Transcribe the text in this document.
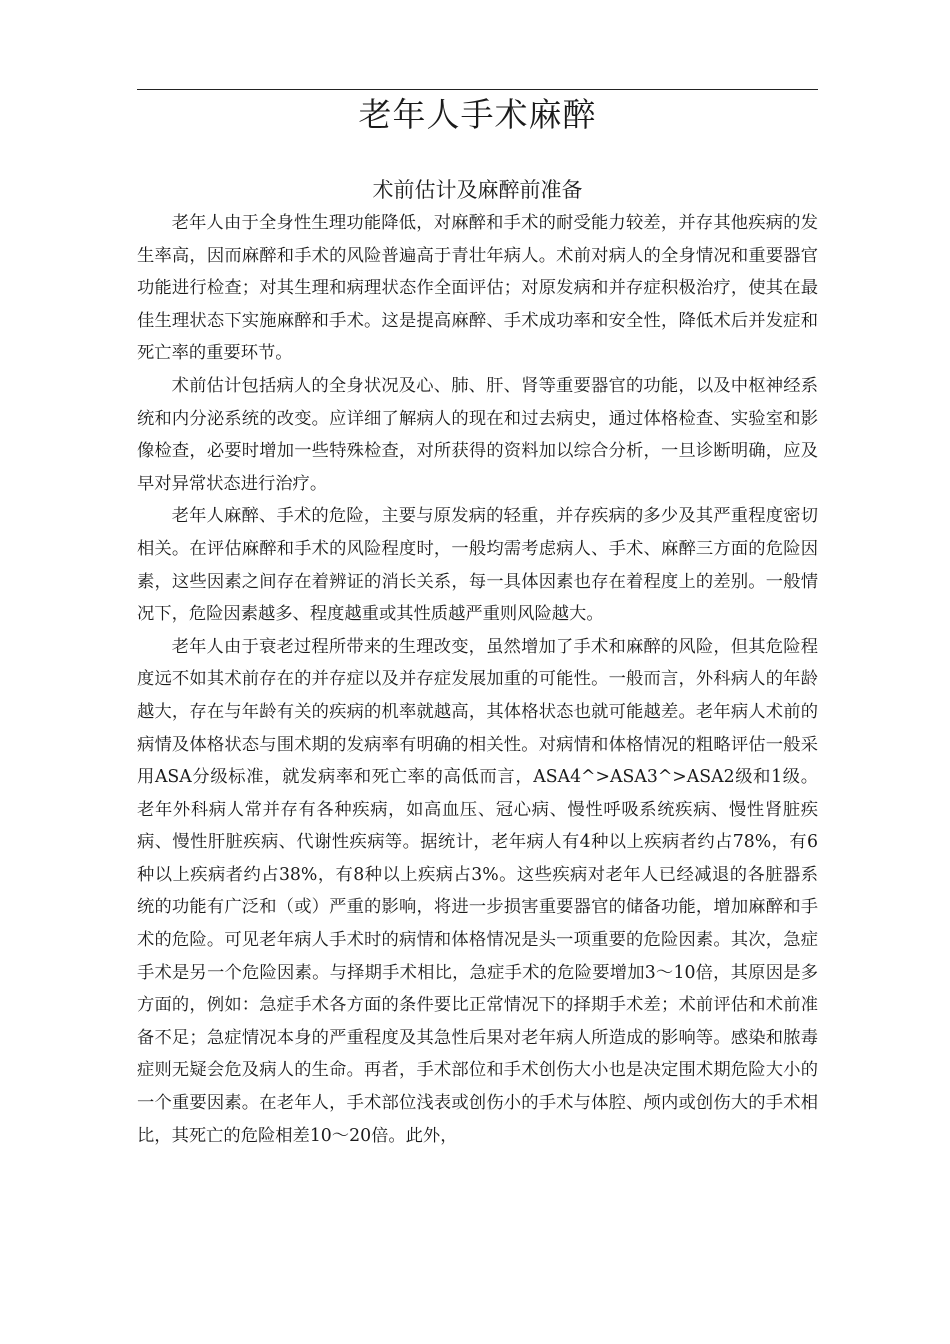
老年人手术麻醉
术前估计及麻醉前准备

老年人由于全身性生理功能降低，对麻醉和手术的耐受能力较差，并存其他疾病的发生率高，因而麻醉和手术的风险普遍高于青壮年病人。术前对病人的全身情况和重要器官功能进行检查；对其生理和病理状态作全面评估；对原发病和并存症积极治疗，使其在最佳生理状态下实施麻醉和手术。这是提高麻醉、手术成功率和安全性，降低术后并发症和死亡率的重要环节。

术前估计包括病人的全身状况及心、肺、肝、肾等重要器官的功能，以及中枢神经系统和内分泌系统的改变。应详细了解病人的现在和过去病史，通过体格检查、实验室和影像检查，必要时增加一些特殊检查，对所获得的资料加以综合分析，一旦诊断明确，应及早对异常状态进行治疗。

老年人麻醉、手术的危险，主要与原发病的轻重，并存疾病的多少及其严重程度密切相关。在评估麻醉和手术的风险程度时，一般均需考虑病人、手术、麻醉三方面的危险因素，这些因素之间存在着辨证的消长关系，每一具体因素也存在着程度上的差别。一般情况下，危险因素越多、程度越重或其性质越严重则风险越大。

老年人由于衰老过程所带来的生理改变，虽然增加了手术和麻醉的风险，但其危险程度远不如其术前存在的并存症以及并存症发展加重的可能性。一般而言，外科病人的年龄越大，存在与年龄有关的疾病的机率就越高，其体格状态也就可能越差。老年病人术前的病情及体格状态与围术期的发病率有明确的相关性。对病情和体格情况的粗略评估一般采用ASA分级标准，就发病率和死亡率的高低而言，ASA4^>ASA3^>ASA2级和1级。老年外科病人常并存有各种疾病，如高血压、冠心病、慢性呼吸系统疾病、慢性肾脏疾病、慢性肝脏疾病、代谢性疾病等。据统计，老年病人有4种以上疾病者约占78%，有6种以上疾病者约占38%，有8种以上疾病占3%。这些疾病对老年人已经减退的各脏器系统的功能有广泛和（或）严重的影响，将进一步损害重要器官的储备功能，增加麻醉和手术的危险。可见老年病人手术时的病情和体格情况是头一项重要的危险因素。其次，急症手术是另一个危险因素。与择期手术相比，急症手术的危险要增加3〜10倍，其原因是多方面的，例如：急症手术各方面的条件要比正常情况下的择期手术差；术前评估和术前准备不足；急症情况本身的严重程度及其急性后果对老年病人所造成的影响等。感染和脓毒症则无疑会危及病人的生命。再者，手术部位和手术创伤大小也是决定围术期危险大小的一个重要因素。在老年人，手术部位浅表或创伤小的手术与体腔、颅内或创伤大的手术相比，其死亡的危险相差10〜20倍。此外，
